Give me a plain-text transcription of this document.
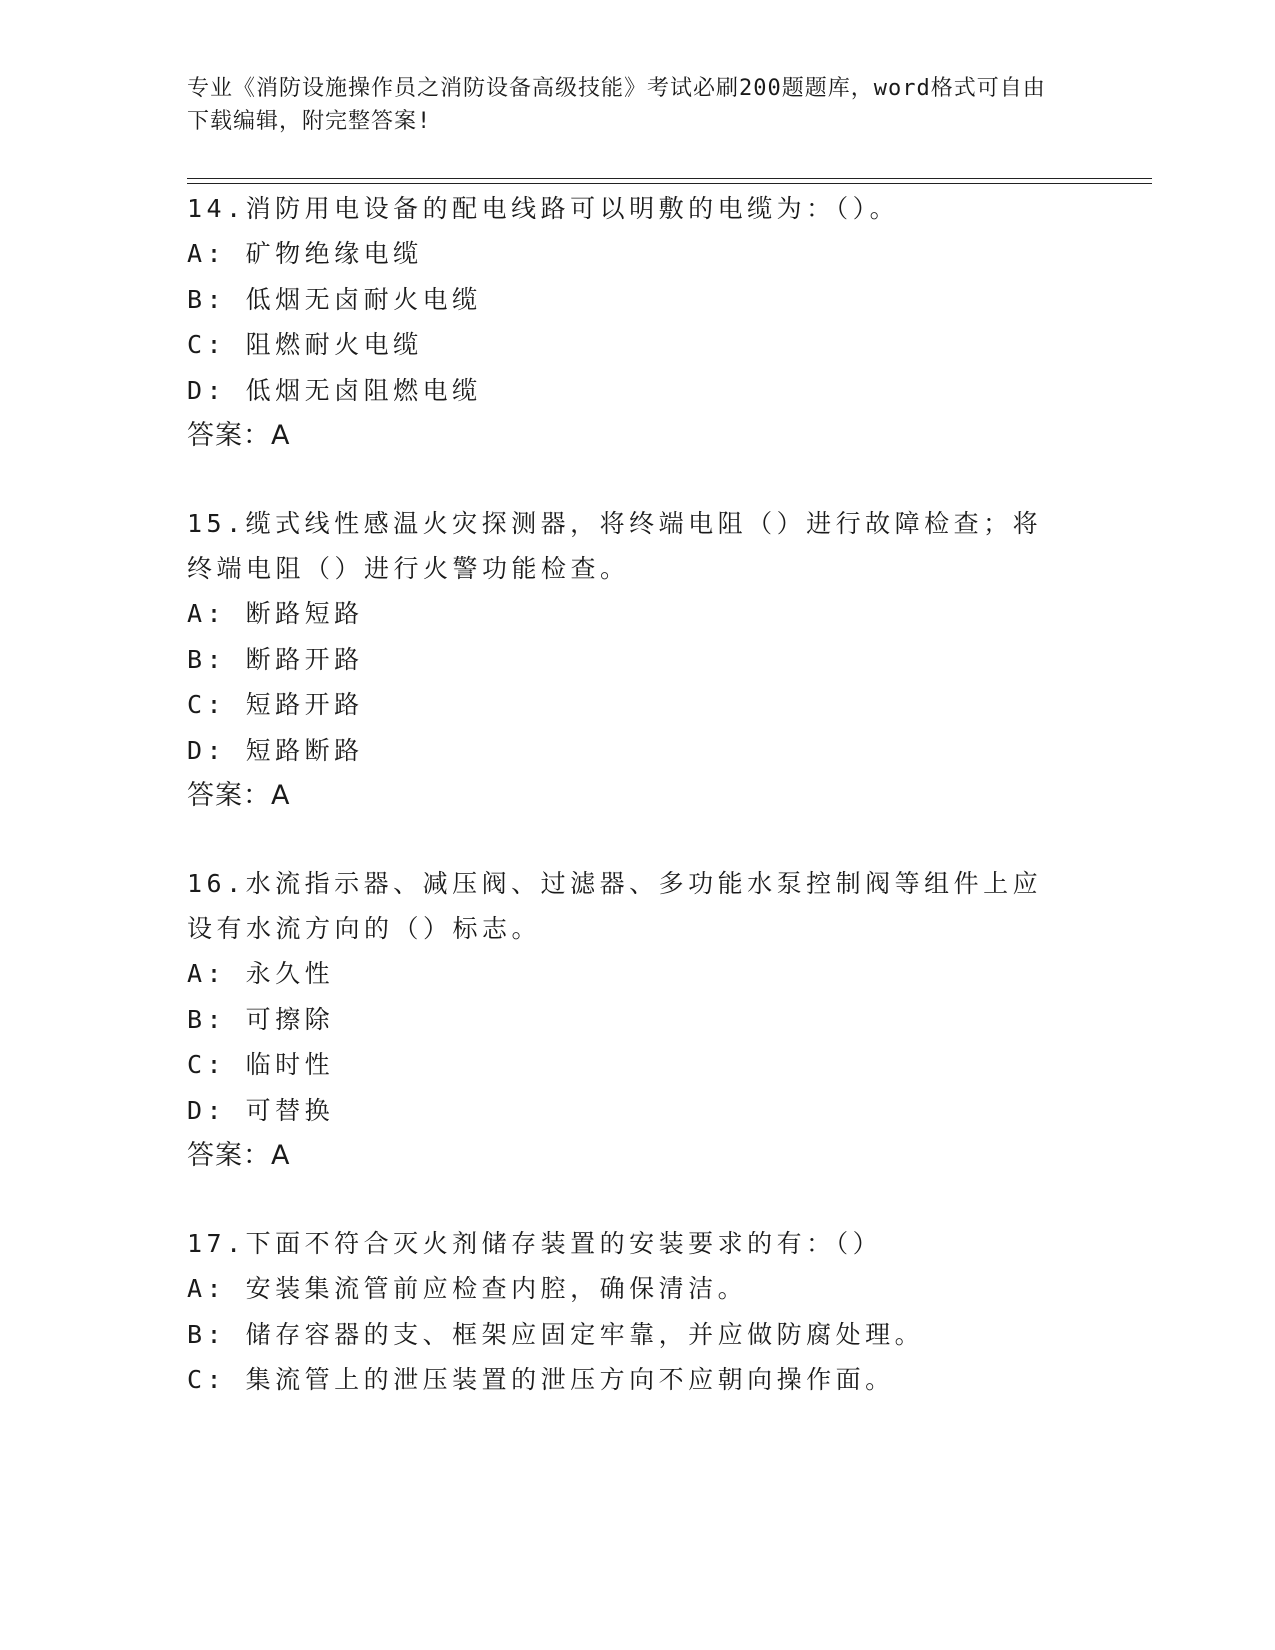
专业《消防设施操作员之消防设备高级技能》考试必刷200题题库，word格式可自由下载编辑，附完整答案!

14.消防用电设备的配电线路可以明敷的电缆为：（）。

A: 矿物绝缘电缆

B: 低烟无卤耐火电缆

C: 阻燃耐火电缆

D: 低烟无卤阻燃电缆

答案：A

15.缆式线性感温火灾探测器，将终端电阻（）进行故障检查；将终端电阻（）进行火警功能检查。

A: 断路短路

B: 断路开路

C: 短路开路

D: 短路断路

答案：A

16.水流指示器、减压阀、过滤器、多功能水泵控制阀等组件上应设有水流方向的（）标志。

A: 永久性

B: 可擦除

C: 临时性

D: 可替换

答案：A

17.下面不符合灭火剂储存装置的安装要求的有：（）

A: 安装集流管前应检查内腔，确保清洁。

B: 储存容器的支、框架应固定牢靠，并应做防腐处理。

C: 集流管上的泄压装置的泄压方向不应朝向操作面。
